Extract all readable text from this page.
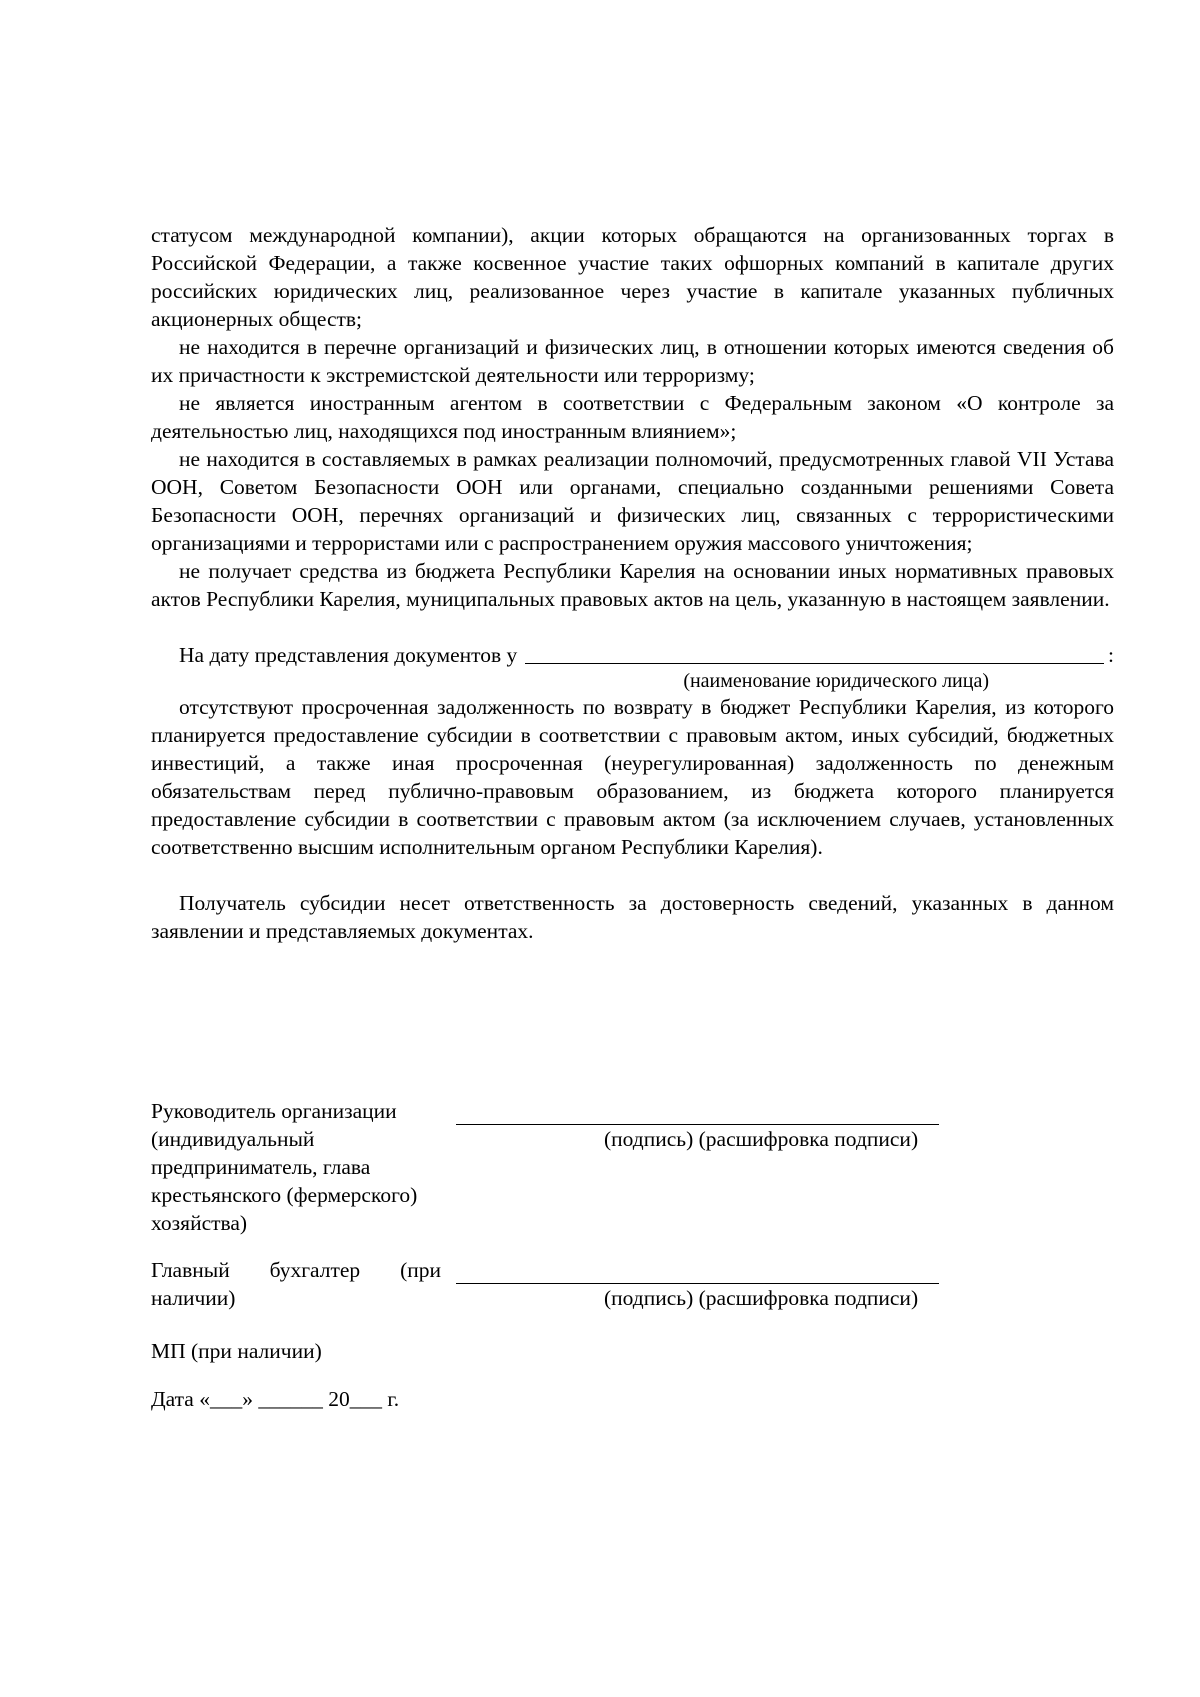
статусом международной компании), акции которых обращаются на организованных торгах в Российской Федерации, а также косвенное участие таких офшорных компаний в капитале других российских юридических лиц, реализованное через участие в капитале указанных публичных акционерных обществ;

не находится в перечне организаций и физических лиц, в отношении которых имеются сведения об их причастности к экстремистской деятельности или терроризму;

не является иностранным агентом в соответствии с Федеральным законом «О контроле за деятельностью лиц, находящихся под иностранным влиянием»;

не находится в составляемых в рамках реализации полномочий, предусмотренных главой VII Устава ООН, Советом Безопасности ООН или органами, специально созданными решениями Совета Безопасности ООН, перечнях организаций и физических лиц, связанных с террористическими организациями и террористами или с распространением оружия массового уничтожения;

не получает средства из бюджета Республики Карелия на основании иных нормативных правовых актов Республики Карелия, муниципальных правовых актов на цель, указанную в настоящем заявлении.

На дату представления документов у	:
(наименование юридического лица)

отсутствуют просроченная задолженность по возврату в бюджет Республики Карелия, из которого планируется предоставление субсидии в соответствии с правовым актом, иных субсидий, бюджетных инвестиций, а также иная просроченная (неурегулированная) задолженность по денежным обязательствам перед публично-правовым образованием, из бюджета которого планируется предоставление субсидии в соответствии с правовым актом (за исключением случаев, установленных соответственно высшим исполнительным органом Республики Карелия).

Получатель субсидии несет ответственность за достоверность сведений, указанных в данном заявлении и представляемых документах.

Руководитель организации (индивидуальный предприниматель, глава крестьянского (фермерского) хозяйства)
(подпись) (расшифровка подписи)
Главный бухгалтер (при наличии)	(подпись) (расшифровка подписи)
МП (при наличии)
Дата «___» ______ 20___ г.
